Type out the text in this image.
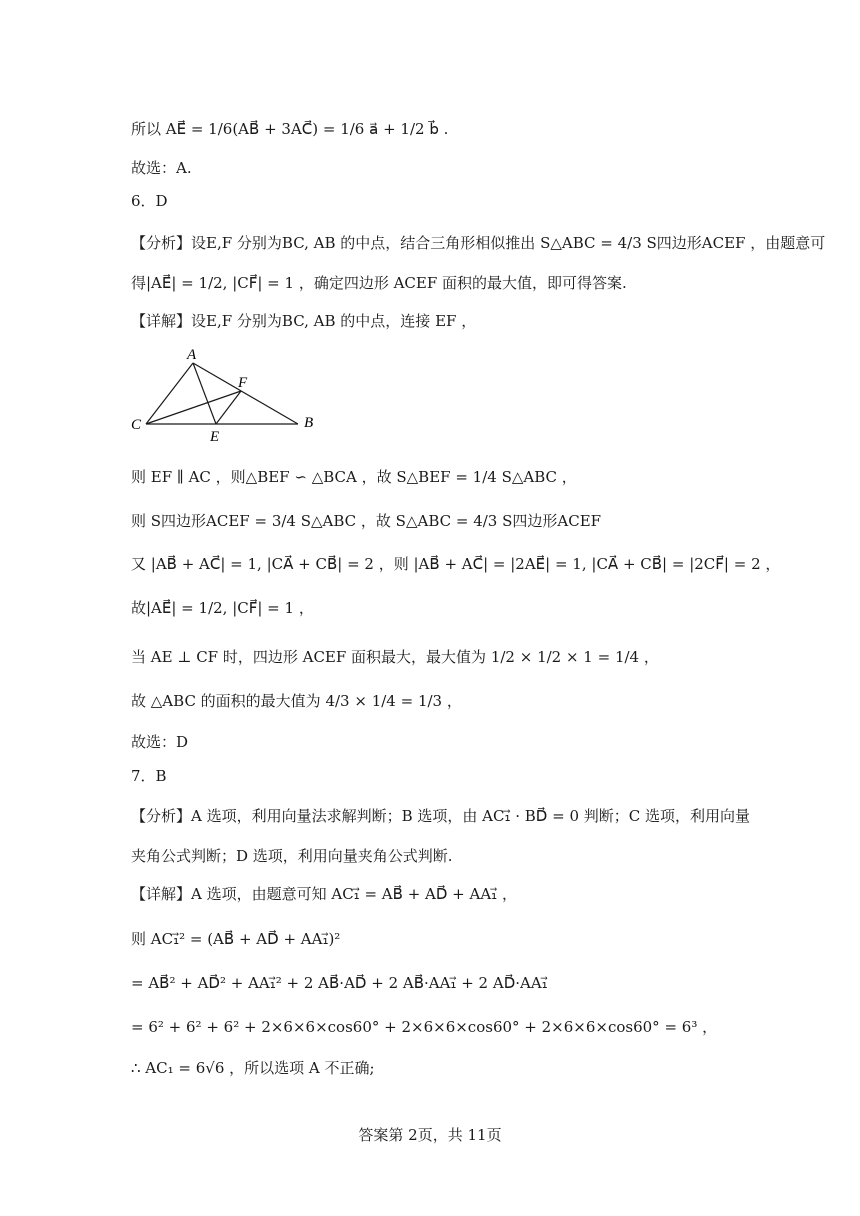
所以 AE⃗ = 1/6(AB⃗ + 3AC⃗) = 1/6 a⃗ + 1/2 b⃗ .
故选：A.
6．D
【分析】设E,F 分别为BC, AB 的中点，结合三角形相似推出 S△ABC = 4/3 S四边形ACEF ，由题意可
得|AE⃗| = 1/2, |CF⃗| = 1 ，确定四边形 ACEF 面积的最大值，即可得答案.
【详解】设E,F 分别为BC, AB 的中点，连接 EF ，
A
B
C
E
F
则 EF ∥ AC ，则△BEF ∽ △BCA ，故 S△BEF = 1/4 S△ABC ，
则 S四边形ACEF = 3/4 S△ABC ，故 S△ABC = 4/3 S四边形ACEF
又 |AB⃗ + AC⃗| = 1, |CA⃗ + CB⃗| = 2 ，则 |AB⃗ + AC⃗| = |2AE⃗| = 1, |CA⃗ + CB⃗| = |2CF⃗| = 2 ，
故|AE⃗| = 1/2, |CF⃗| = 1 ，
当 AE ⊥ CF 时，四边形 ACEF 面积最大，最大值为 1/2 × 1/2 × 1 = 1/4 ，
故 △ABC 的面积的最大值为 4/3 × 1/4 = 1/3 ，
故选：D
7．B
【分析】A 选项，利用向量法求解判断；B 选项，由 AC₁⃗ · BD⃗ = 0 判断；C 选项，利用向量
夹角公式判断；D 选项，利用向量夹角公式判断.
【详解】A 选项，由题意可知 AC₁⃗ = AB⃗ + AD⃗ + AA₁⃗ ，
则 AC₁⃗² = (AB⃗ + AD⃗ + AA₁⃗)²
= AB⃗² + AD⃗² + AA₁⃗² + 2 AB⃗·AD⃗ + 2 AB⃗·AA₁⃗ + 2 AD⃗·AA₁⃗
= 6² + 6² + 6² + 2×6×6×cos60° + 2×6×6×cos60° + 2×6×6×cos60° = 6³ ，
∴ AC₁ = 6√6 ，所以选项 A 不正确;
答案第 2页，共 11页
